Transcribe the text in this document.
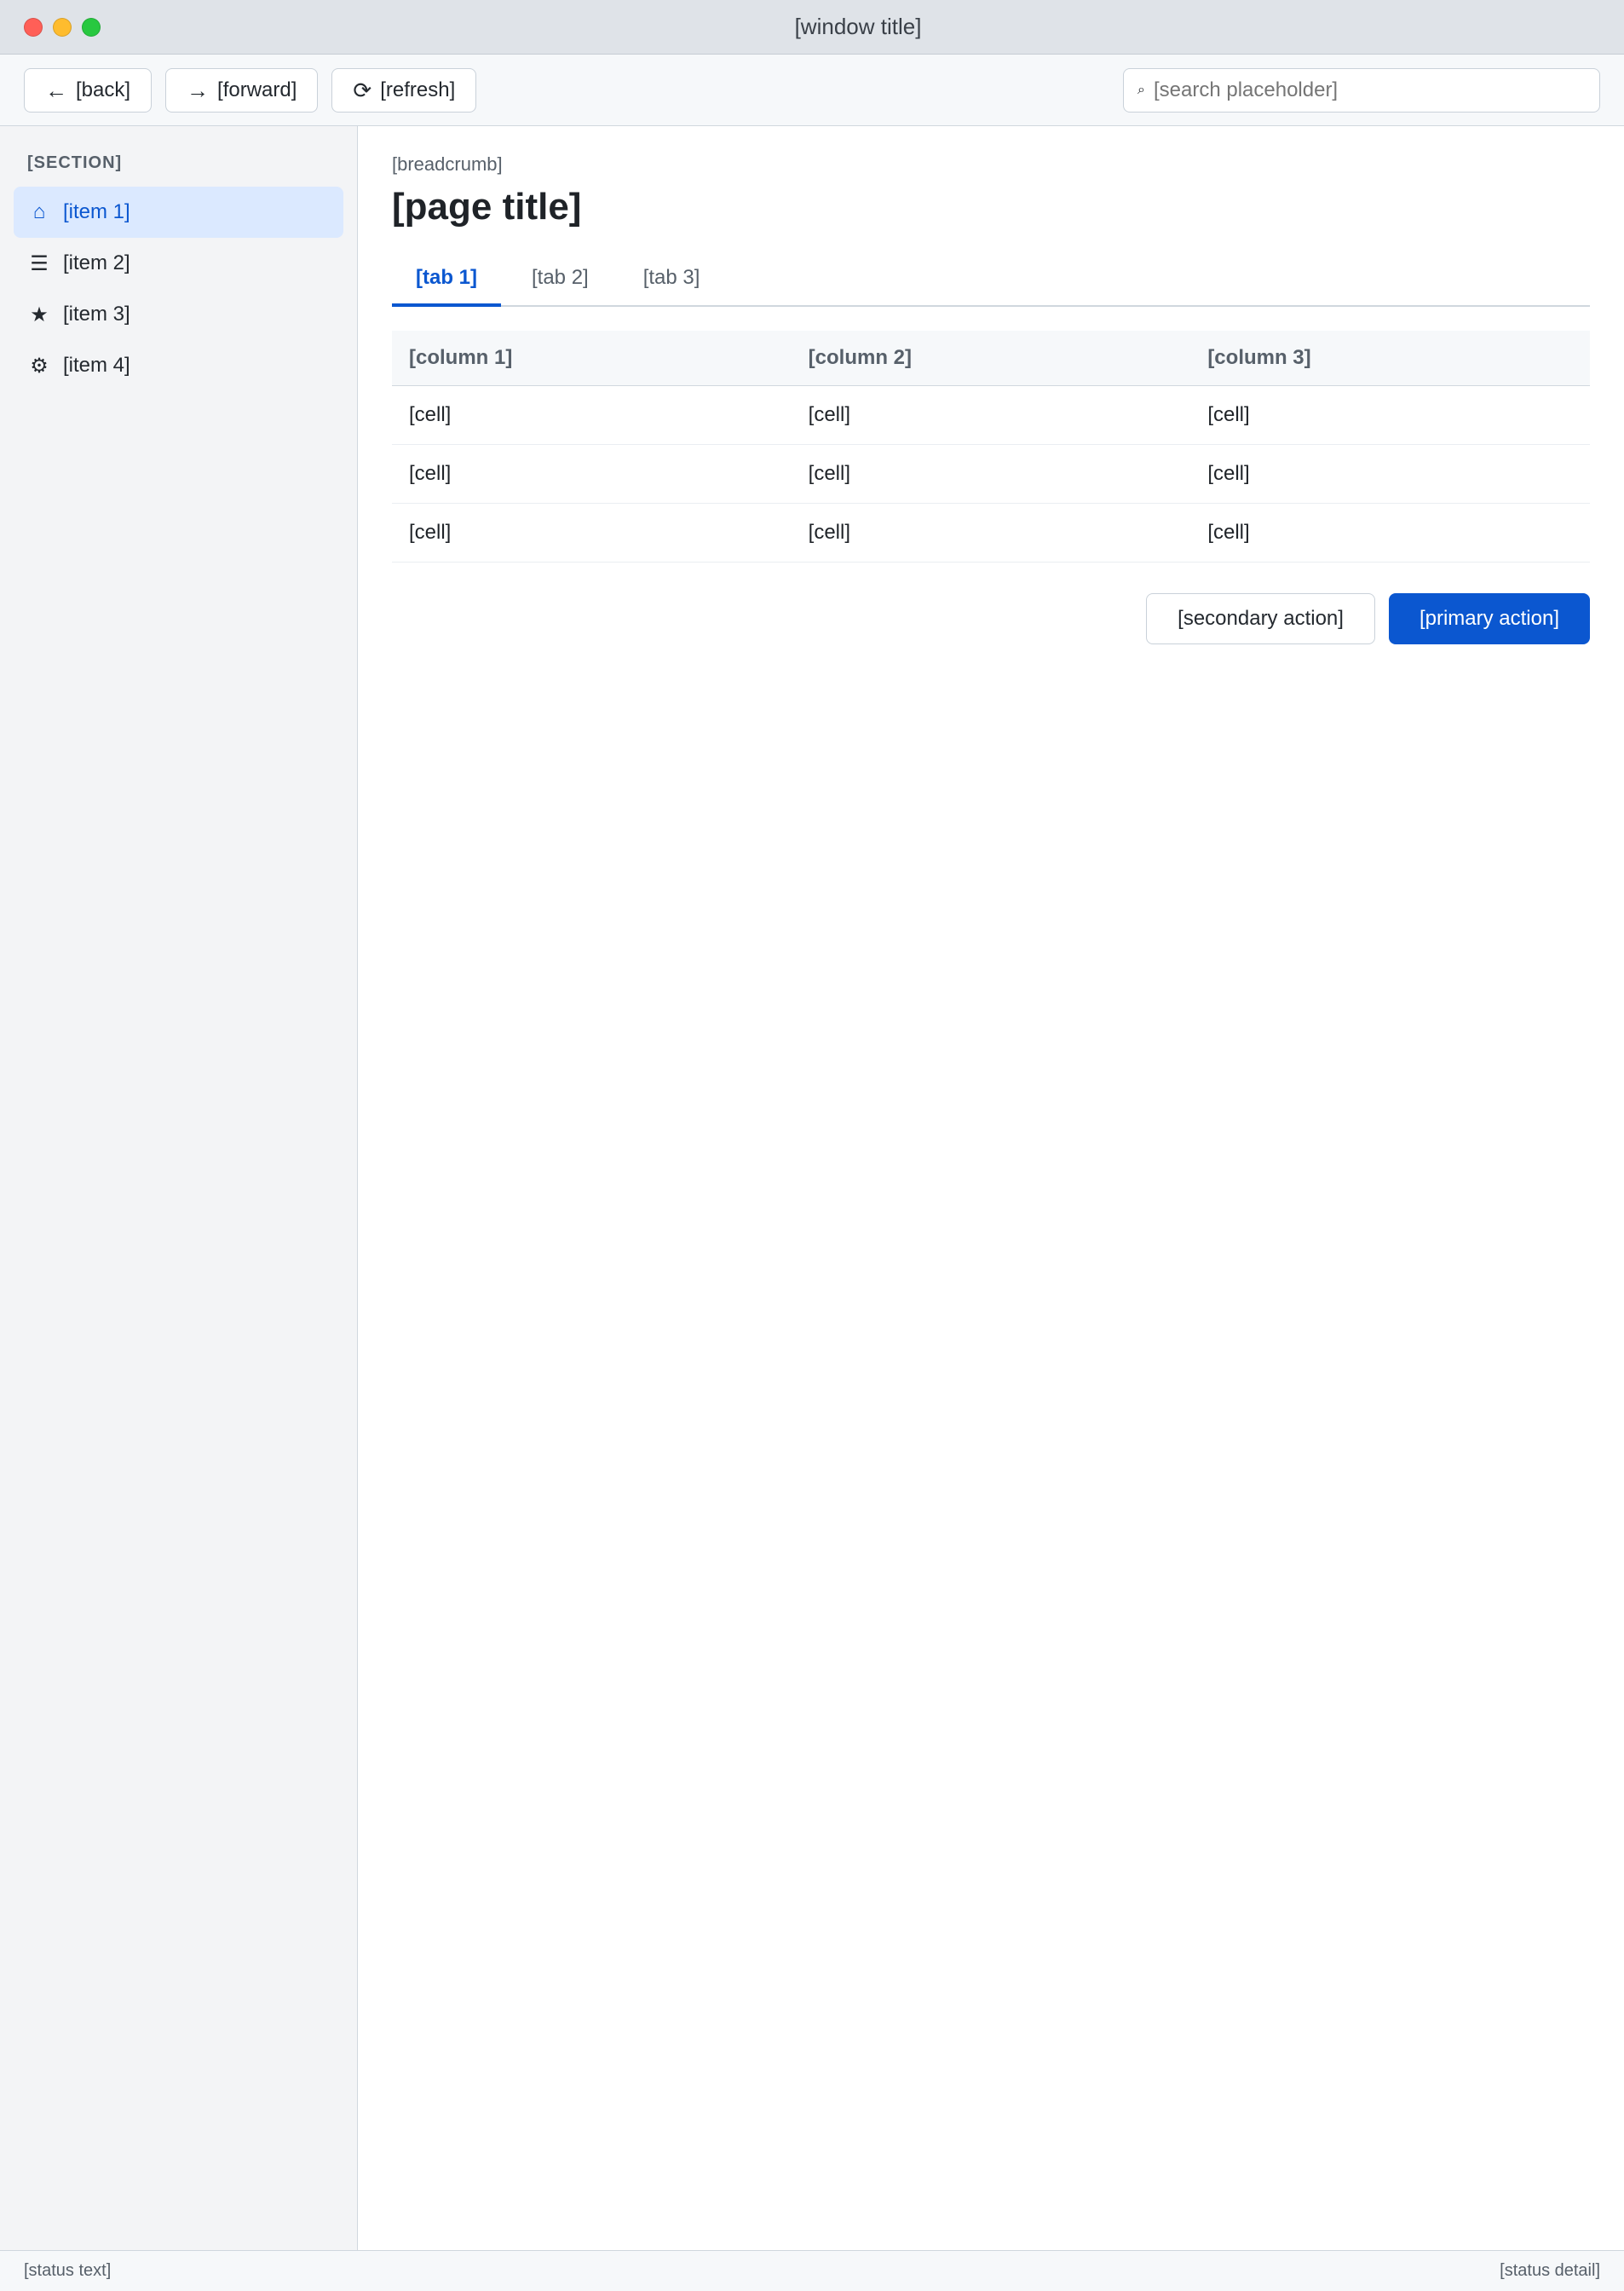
[window title]
← [back]	→ [forward]	⟳ [refresh]	⌕
[search placeholder]
[SECTION]
⌂ [item 1]
☰ [item 2]
★ [item 3]
⚙ [item 4]
[breadcrumb]
[page title]
[tab 1]	[tab 2]	[tab 3]
[column 1]	[column 2]	[column 3]
[cell]	[cell]	[cell]
[cell]	[cell]	[cell]
[cell]	[cell]	[cell]
[secondary action]	[primary action]
[status text]	[status detail]
